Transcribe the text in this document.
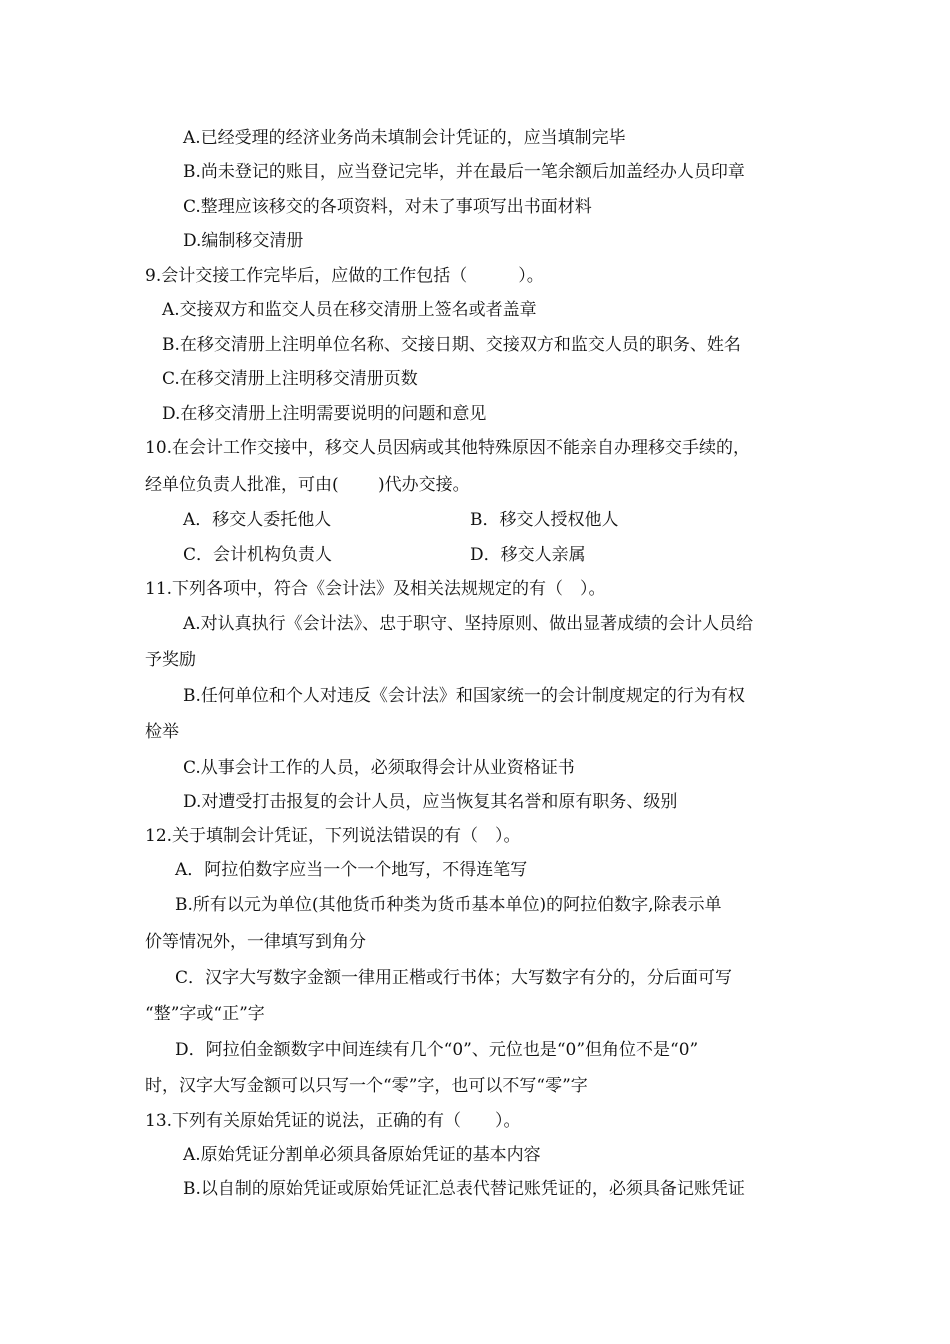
A.已经受理的经济业务尚未填制会计凭证的，应当填制完毕
B.尚未登记的账目，应当登记完毕，并在最后一笔余额后加盖经办人员印章
C.整理应该移交的各项资料，对未了事项写出书面材料
D.编制移交清册
9.会计交接工作完毕后，应做的工作包括（　　　）。
A.交接双方和监交人员在移交清册上签名或者盖章
B.在移交清册上注明单位名称、交接日期、交接双方和监交人员的职务、姓名
C.在移交清册上注明移交清册页数
D.在移交清册上注明需要说明的问题和意见
10.在会计工作交接中，移交人员因病或其他特殊原因不能亲自办理移交手续的，
经单位负责人批准，可由(　　 )代办交接。
A．移交人委托他人	B．移交人授权他人
C．会计机构负责人	D．移交人亲属
11.下列各项中，符合《会计法》及相关法规规定的有（　）。
A.对认真执行《会计法》、忠于职守、坚持原则、做出显著成绩的会计人员给
予奖励
B.任何单位和个人对违反《会计法》和国家统一的会计制度规定的行为有权
检举
C.从事会计工作的人员，必须取得会计从业资格证书
D.对遭受打击报复的会计人员，应当恢复其名誉和原有职务、级别
12.关于填制会计凭证，下列说法错误的有（　）。
A．阿拉伯数字应当一个一个地写，不得连笔写
B.所有以元为单位(其他货币种类为货币基本单位)的阿拉伯数字,除表示单
价等情况外，一律填写到角分
C．汉字大写数字金额一律用正楷或行书体；大写数字有分的，分后面可写
“整”字或“正”字
D．阿拉伯金额数字中间连续有几个“0”、元位也是“0”但角位不是“0”
时，汉字大写金额可以只写一个“零”字，也可以不写“零”字
13.下列有关原始凭证的说法，正确的有（　　）。
A.原始凭证分割单必须具备原始凭证的基本内容
B.以自制的原始凭证或原始凭证汇总表代替记账凭证的，必须具备记账凭证
